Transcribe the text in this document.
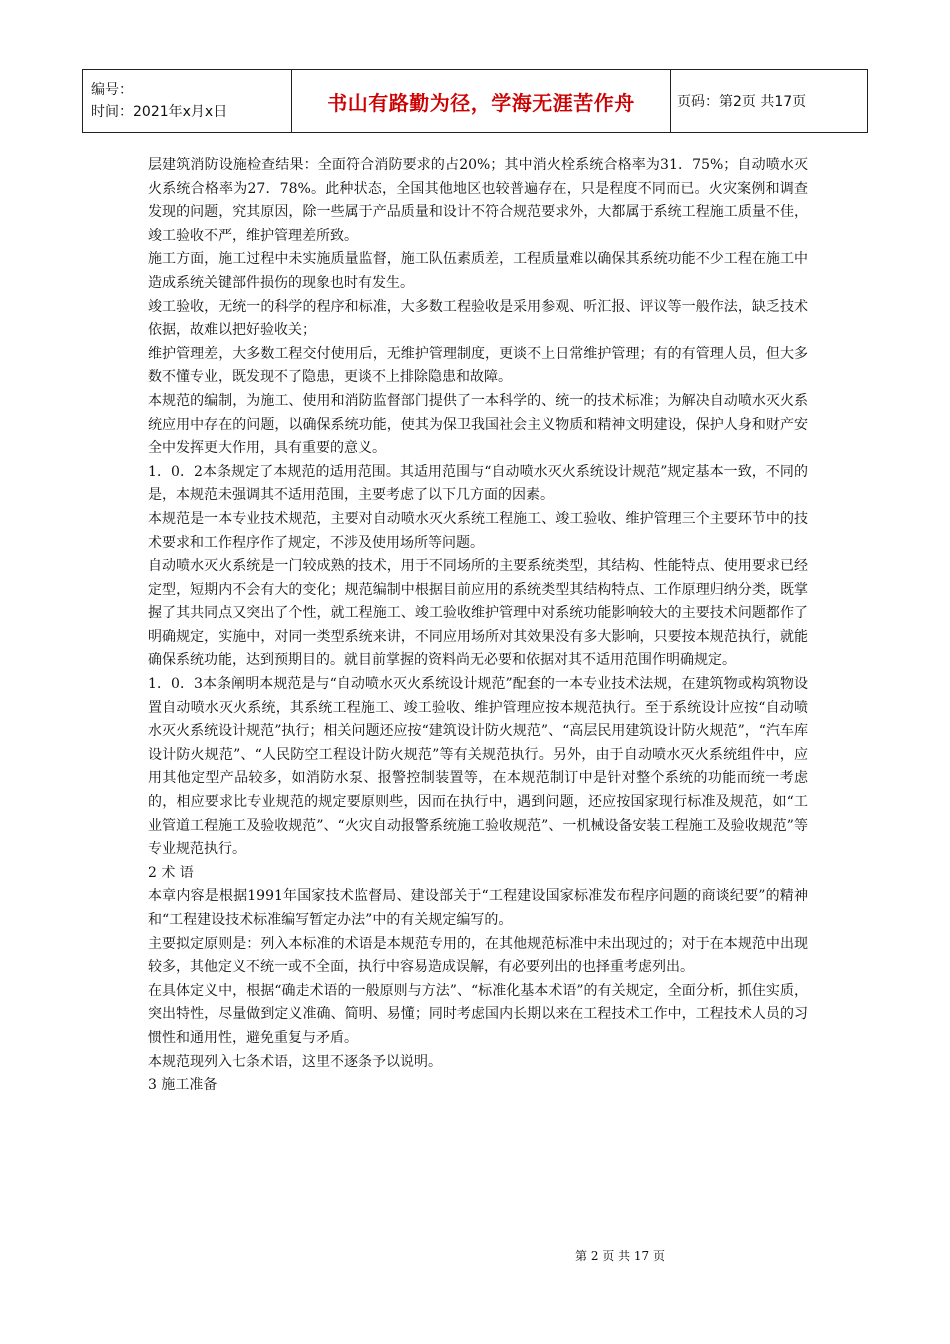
编号：
时间：2021年x月x日	书山有路勤为径，学海无涯苦作舟	页码：第2页 共17页

层建筑消防设施检查结果：全面符合消防要求的占20%；其中消火栓系统合格率为31．75%；自动喷水灭火系统合格率为27．78%。此种状态，全国其他地区也较普遍存在，只是程度不同而已。火灾案例和调查发现的问题，究其原因，除一些属于产品质量和设计不符合规范要求外，大都属于系统工程施工质量不佳，竣工验收不严，维护管理差所致。

施工方面，施工过程中未实施质量监督，施工队伍素质差，工程质量难以确保其系统功能不少工程在施工中造成系统关键部件损伤的现象也时有发生。

竣工验收，无统一的科学的程序和标准，大多数工程验收是采用参观、听汇报、评议等一般作法，缺乏技术依据，故难以把好验收关；

维护管理差，大多数工程交付使用后，无维护管理制度，更谈不上日常维护管理；有的有管理人员，但大多数不懂专业，既发现不了隐患，更谈不上排除隐患和故障。

本规范的编制，为施工、使用和消防监督部门提供了一本科学的、统一的技术标准；为解决自动喷水灭火系统应用中存在的问题，以确保系统功能，使其为保卫我国社会主义物质和精神文明建设，保护人身和财产安全中发挥更大作用，具有重要的意义。

1．0．2本条规定了本规范的适用范围。其适用范围与“自动喷水灭火系统设计规范”规定基本一致，不同的是，本规范未强调其不适用范围，主要考虑了以下几方面的因素。

本规范是一本专业技术规范，主要对自动喷水灭火系统工程施工、竣工验收、维护管理三个主要环节中的技术要求和工作程序作了规定，不涉及使用场所等问题。

自动喷水灭火系统是一门较成熟的技术，用于不同场所的主要系统类型，其结构、性能特点、使用要求已经定型，短期内不会有大的变化；规范编制中根据目前应用的系统类型其结构特点、工作原理归纳分类，既掌握了其共同点又突出了个性，就工程施工、竣工验收维护管理中对系统功能影响较大的主要技术问题都作了明确规定，实施中，对同一类型系统来讲，不同应用场所对其效果没有多大影响，只要按本规范执行，就能确保系统功能，达到预期目的。就目前掌握的资料尚无必要和依据对其不适用范围作明确规定。

1．0．3本条阐明本规范是与“自动喷水灭火系统设计规范”配套的一本专业技术法规，在建筑物或构筑物设置自动喷水灭火系统，其系统工程施工、竣工验收、维护管理应按本规范执行。至于系统设计应按“自动喷水灭火系统设计规范”执行；相关问题还应按“建筑设计防火规范”、“高层民用建筑设计防火规范”，“汽车库设计防火规范”、“人民防空工程设计防火规范”等有关规范执行。另外，由于自动喷水灭火系统组件中，应用其他定型产品较多，如消防水泵、报警控制装置等，在本规范制订中是针对整个系统的功能而统一考虑的，相应要求比专业规范的规定要原则些，因而在执行中，遇到问题，还应按国家现行标准及规范，如“工业管道工程施工及验收规范”、“火灾自动报警系统施工验收规范”、一机械设备安装工程施工及验收规范”等专业规范执行。

2 术 语

本章内容是根据1991年国家技术监督局、建设部关于“工程建设国家标准发布程序问题的商谈纪要”的精神和“工程建设技术标准编写暂定办法”中的有关规定编写的。

主要拟定原则是：列入本标准的术语是本规范专用的，在其他规范标准中未出现过的；对于在本规范中出现较多，其他定义不统一或不全面，执行中容易造成误解，有必要列出的也择重考虑列出。

在具体定义中，根据“确走术语的一般原则与方法”、“标准化基本术语”的有关规定，全面分析，抓住实质，突出特性，尽量做到定义准确、简明、易懂；同时考虑国内长期以来在工程技术工作中，工程技术人员的习惯性和通用性，避免重复与矛盾。

本规范现列入七条术语，这里不逐条予以说明。

3 施工准备

第 2 页 共 17 页
